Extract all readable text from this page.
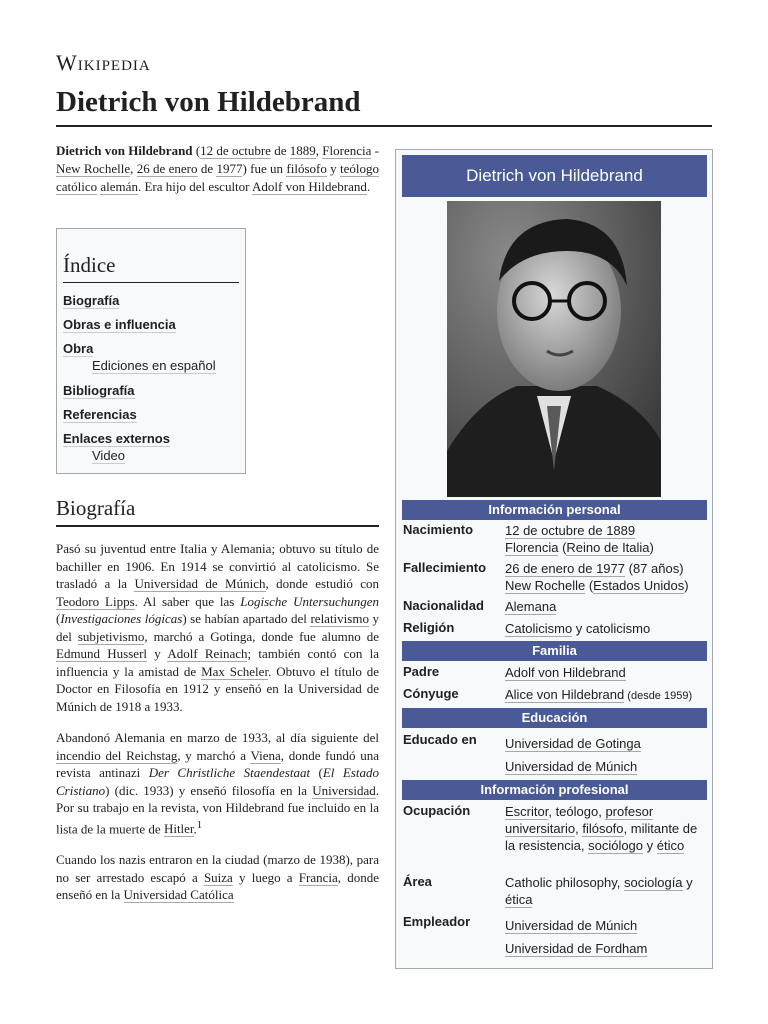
Wikipedia
Dietrich von Hildebrand
Dietrich von Hildebrand (12 de octubre de 1889, Florencia - New Rochelle, 26 de enero de 1977) fue un filósofo y teólogo católico alemán. Era hijo del escultor Adolf von Hildebrand.
Índice
Biografía
Obras e influencia
Obra
Ediciones en español
Bibliografía
Referencias
Enlaces externos
Video
Biografía

Pasó su juventud entre Italia y Alemania; obtuvo su título de bachiller en 1906. En 1914 se convirtió al catolicismo. Se trasladó a la Universidad de Múnich, donde estudió con Teodoro Lipps. Al saber que las Logische Untersuchungen (Investigaciones lógicas) se habían apartado del relativismo y del subjetivismo, marchó a Gotinga, donde fue alumno de Edmund Husserl y Adolf Reinach; también contó con la influencia y la amistad de Max Scheler. Obtuvo el título de Doctor en Filosofía en 1912 y enseñó en la Universidad de Múnich de 1918 a 1933.

Abandonó Alemania en marzo de 1933, al día siguiente del incendio del Reichstag, y marchó a Viena, donde fundó una revista antinazi Der Christliche Staendestaat (El Estado Cristiano) (dic. 1933) y enseñó filosofía en la Universidad. Por su trabajo en la revista, von Hildebrand fue incluido en la lista de la muerte de Hitler.$^1$

Cuando los nazis entraron en la ciudad (marzo de 1938), para no ser arrestado escapó a Suiza y luego a Francia, donde enseñó en la Universidad Católica

Dietrich von Hildebrand
Información personal
Nacimiento 12 de octubre de 1889
Florencia (Reino de Italia)
Fallecimiento 26 de enero de 1977 (87 años)
New Rochelle (Estados Unidos)
Nacionalidad Alemana
Religión	Catolicismo y catolicismo
Familia
Padre	Adolf von Hildebrand
Cónyuge	Alice von Hildebrand (desde 1959)
Educación
Educado en Universidad de Gotinga
Universidad de Múnich
Información profesional
Ocupación	Escritor, teólogo, profesor universitario, filósofo, militante de la resistencia, sociólogo y ético
Área	Catholic philosophy, sociología y ética
Empleador	Universidad de Múnich
Universidad de Fordham
